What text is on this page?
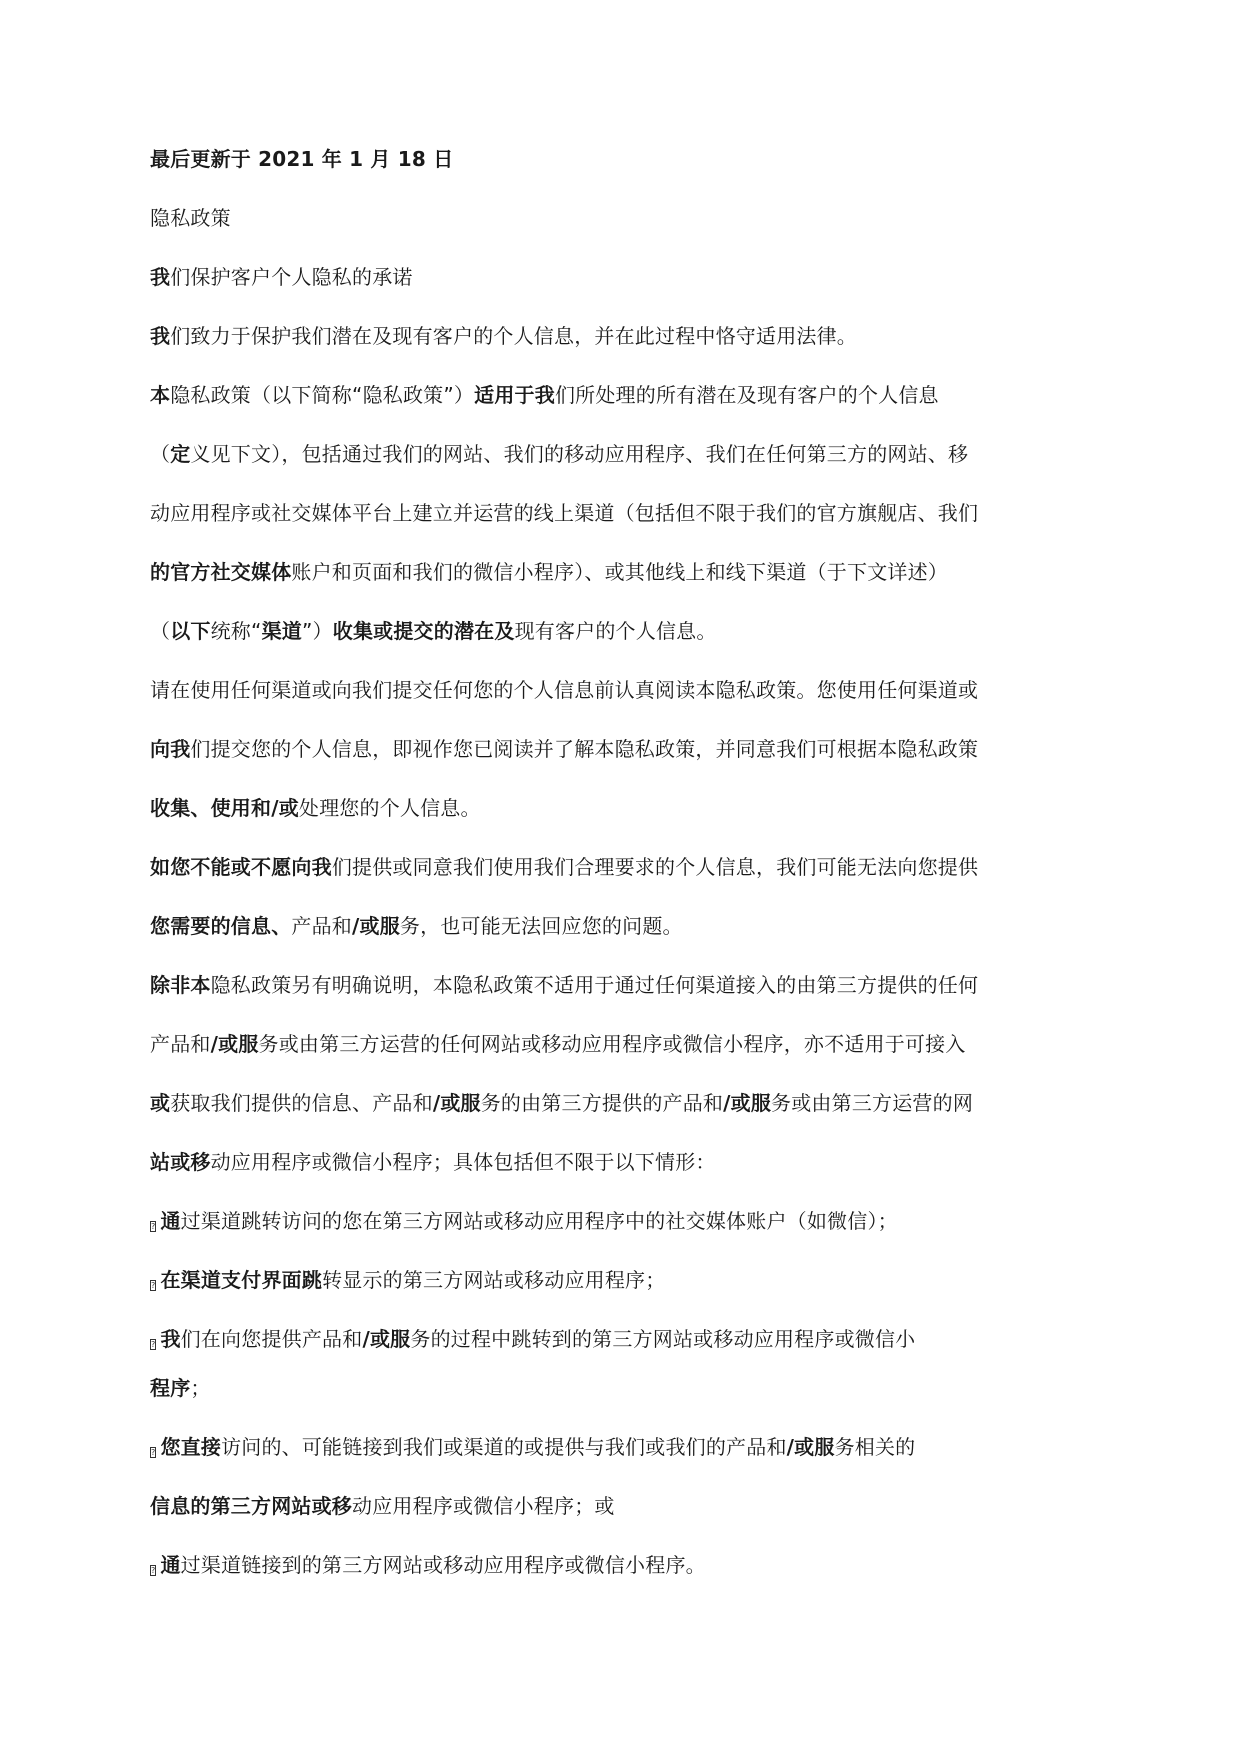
最后更新于 2021 年 1 月 18 日
隐私政策
我们保护客户个人隐私的承诺
我们致力于保护我们潜在及现有客户的个人信息，并在此过程中恪守适用法律。
本隐私政策（以下简称“隐私政策”）适用于我们所处理的所有潜在及现有客户的个人信息
（定义见下文），包括通过我们的网站、我们的移动应用程序、我们在任何第三方的网站、移
动应用程序或社交媒体平台上建立并运营的线上渠道（包括但不限于我们的官方旗舰店、我们
的官方社交媒体账户和页面和我们的微信小程序）、或其他线上和线下渠道（于下文详述）
（以下统称“渠道”）收集或提交的潜在及现有客户的个人信息。
请在使用任何渠道或向我们提交任何您的个人信息前认真阅读本隐私政策。您使用任何渠道或
向我们提交您的个人信息，即视作您已阅读并了解本隐私政策，并同意我们可根据本隐私政策
收集、使用和/或处理您的个人信息。
如您不能或不愿向我们提供或同意我们使用我们合理要求的个人信息，我们可能无法向您提供
您需要的信息、产品和/或服务，也可能无法回应您的问题。
除非本隐私政策另有明确说明，本隐私政策不适用于通过任何渠道接入的由第三方提供的任何
产品和/或服务或由第三方运营的任何网站或移动应用程序或微信小程序，亦不适用于可接入
或获取我们提供的信息、产品和/或服务的由第三方提供的产品和/或服务或由第三方运营的网
站或移动应用程序或微信小程序；具体包括但不限于以下情形：
? 通过渠道跳转访问的您在第三方网站或移动应用程序中的社交媒体账户（如微信）；
? 在渠道支付界面跳转显示的第三方网站或移动应用程序；
? 我们在向您提供产品和/或服务的过程中跳转到的第三方网站或移动应用程序或微信小
程序；
? 您直接访问的、可能链接到我们或渠道的或提供与我们或我们的产品和/或服务相关的
信息的第三方网站或移动应用程序或微信小程序；或
? 通过渠道链接到的第三方网站或移动应用程序或微信小程序。
